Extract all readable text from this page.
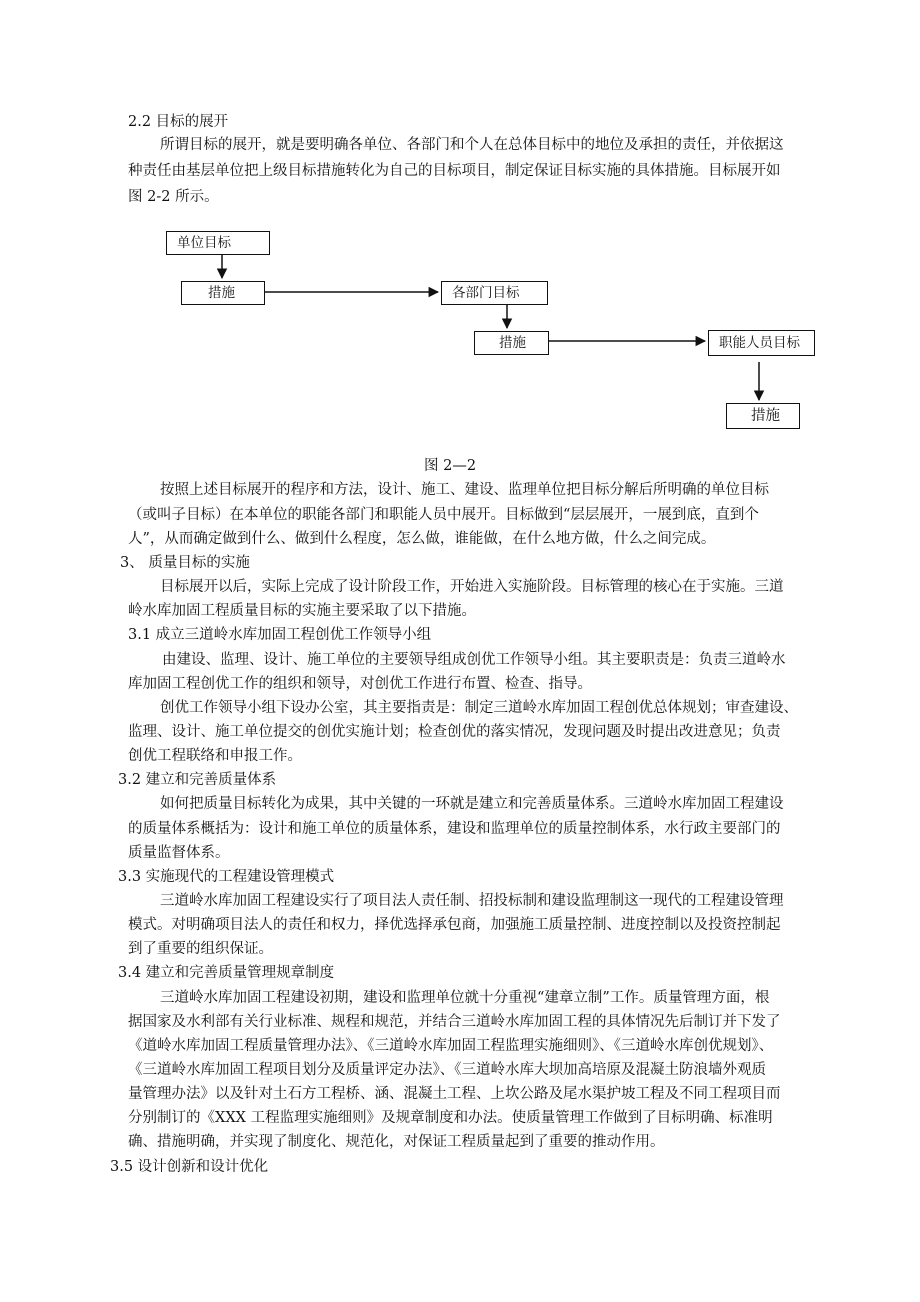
2.2 目标的展开
所谓目标的展开，就是要明确各单位、各部门和个人在总体目标中的地位及承担的责任，并依据这
种责任由基层单位把上级目标措施转化为自己的目标项目，制定保证目标实施的具体措施。目标展开如
图 2-2 所示。
单位目标
措施	各部门目标
措施	职能人员目标
措施
图 2—2
按照上述目标展开的程序和方法，设计、施工、建设、监理单位把目标分解后所明确的单位目标
（或叫子目标）在本单位的职能各部门和职能人员中展开。目标做到“层层展开，一展到底，直到个
人”，从而确定做到什么、做到什么程度，怎么做，谁能做，在什么地方做，什么之间完成。
3、 质量目标的实施
目标展开以后，实际上完成了设计阶段工作，开始进入实施阶段。目标管理的核心在于实施。三道
岭水库加固工程质量目标的实施主要采取了以下措施。
3.1 成立三道岭水库加固工程创优工作领导小组
由建设、监理、设计、施工单位的主要领导组成创优工作领导小组。其主要职责是：负责三道岭水
库加固工程创优工作的组织和领导，对创优工作进行布置、检查、指导。
创优工作领导小组下设办公室，其主要指责是：制定三道岭水库加固工程创优总体规划；审查建设、
监理、设计、施工单位提交的创优实施计划；检查创优的落实情况，发现问题及时提出改进意见；负责
创优工程联络和申报工作。
3.2 建立和完善质量体系
如何把质量目标转化为成果，其中关键的一环就是建立和完善质量体系。三道岭水库加固工程建设
的质量体系概括为：设计和施工单位的质量体系，建设和监理单位的质量控制体系，水行政主要部门的
质量监督体系。
3.3 实施现代的工程建设管理模式
三道岭水库加固工程建设实行了项目法人责任制、招投标制和建设监理制这一现代的工程建设管理
模式。对明确项目法人的责任和权力，择优选择承包商，加强施工质量控制、进度控制以及投资控制起
到了重要的组织保证。
3.4 建立和完善质量管理规章制度
三道岭水库加固工程建设初期，建设和监理单位就十分重视“建章立制”工作。质量管理方面，根
据国家及水利部有关行业标准、规程和规范，并结合三道岭水库加固工程的具体情况先后制订并下发了
《道岭水库加固工程质量管理办法》、《三道岭水库加固工程监理实施细则》、《三道岭水库创优规划》、
《三道岭水库加固工程项目划分及质量评定办法》、《三道岭水库大坝加高培原及混凝土防浪墙外观质
量管理办法》以及针对土石方工程桥、涵、混凝土工程、上坎公路及尾水渠护坡工程及不同工程项目而
分别制订的《XXX 工程监理实施细则》及规章制度和办法。使质量管理工作做到了目标明确、标准明
确、措施明确，并实现了制度化、规范化，对保证工程质量起到了重要的推动作用。
3.5 设计创新和设计优化
